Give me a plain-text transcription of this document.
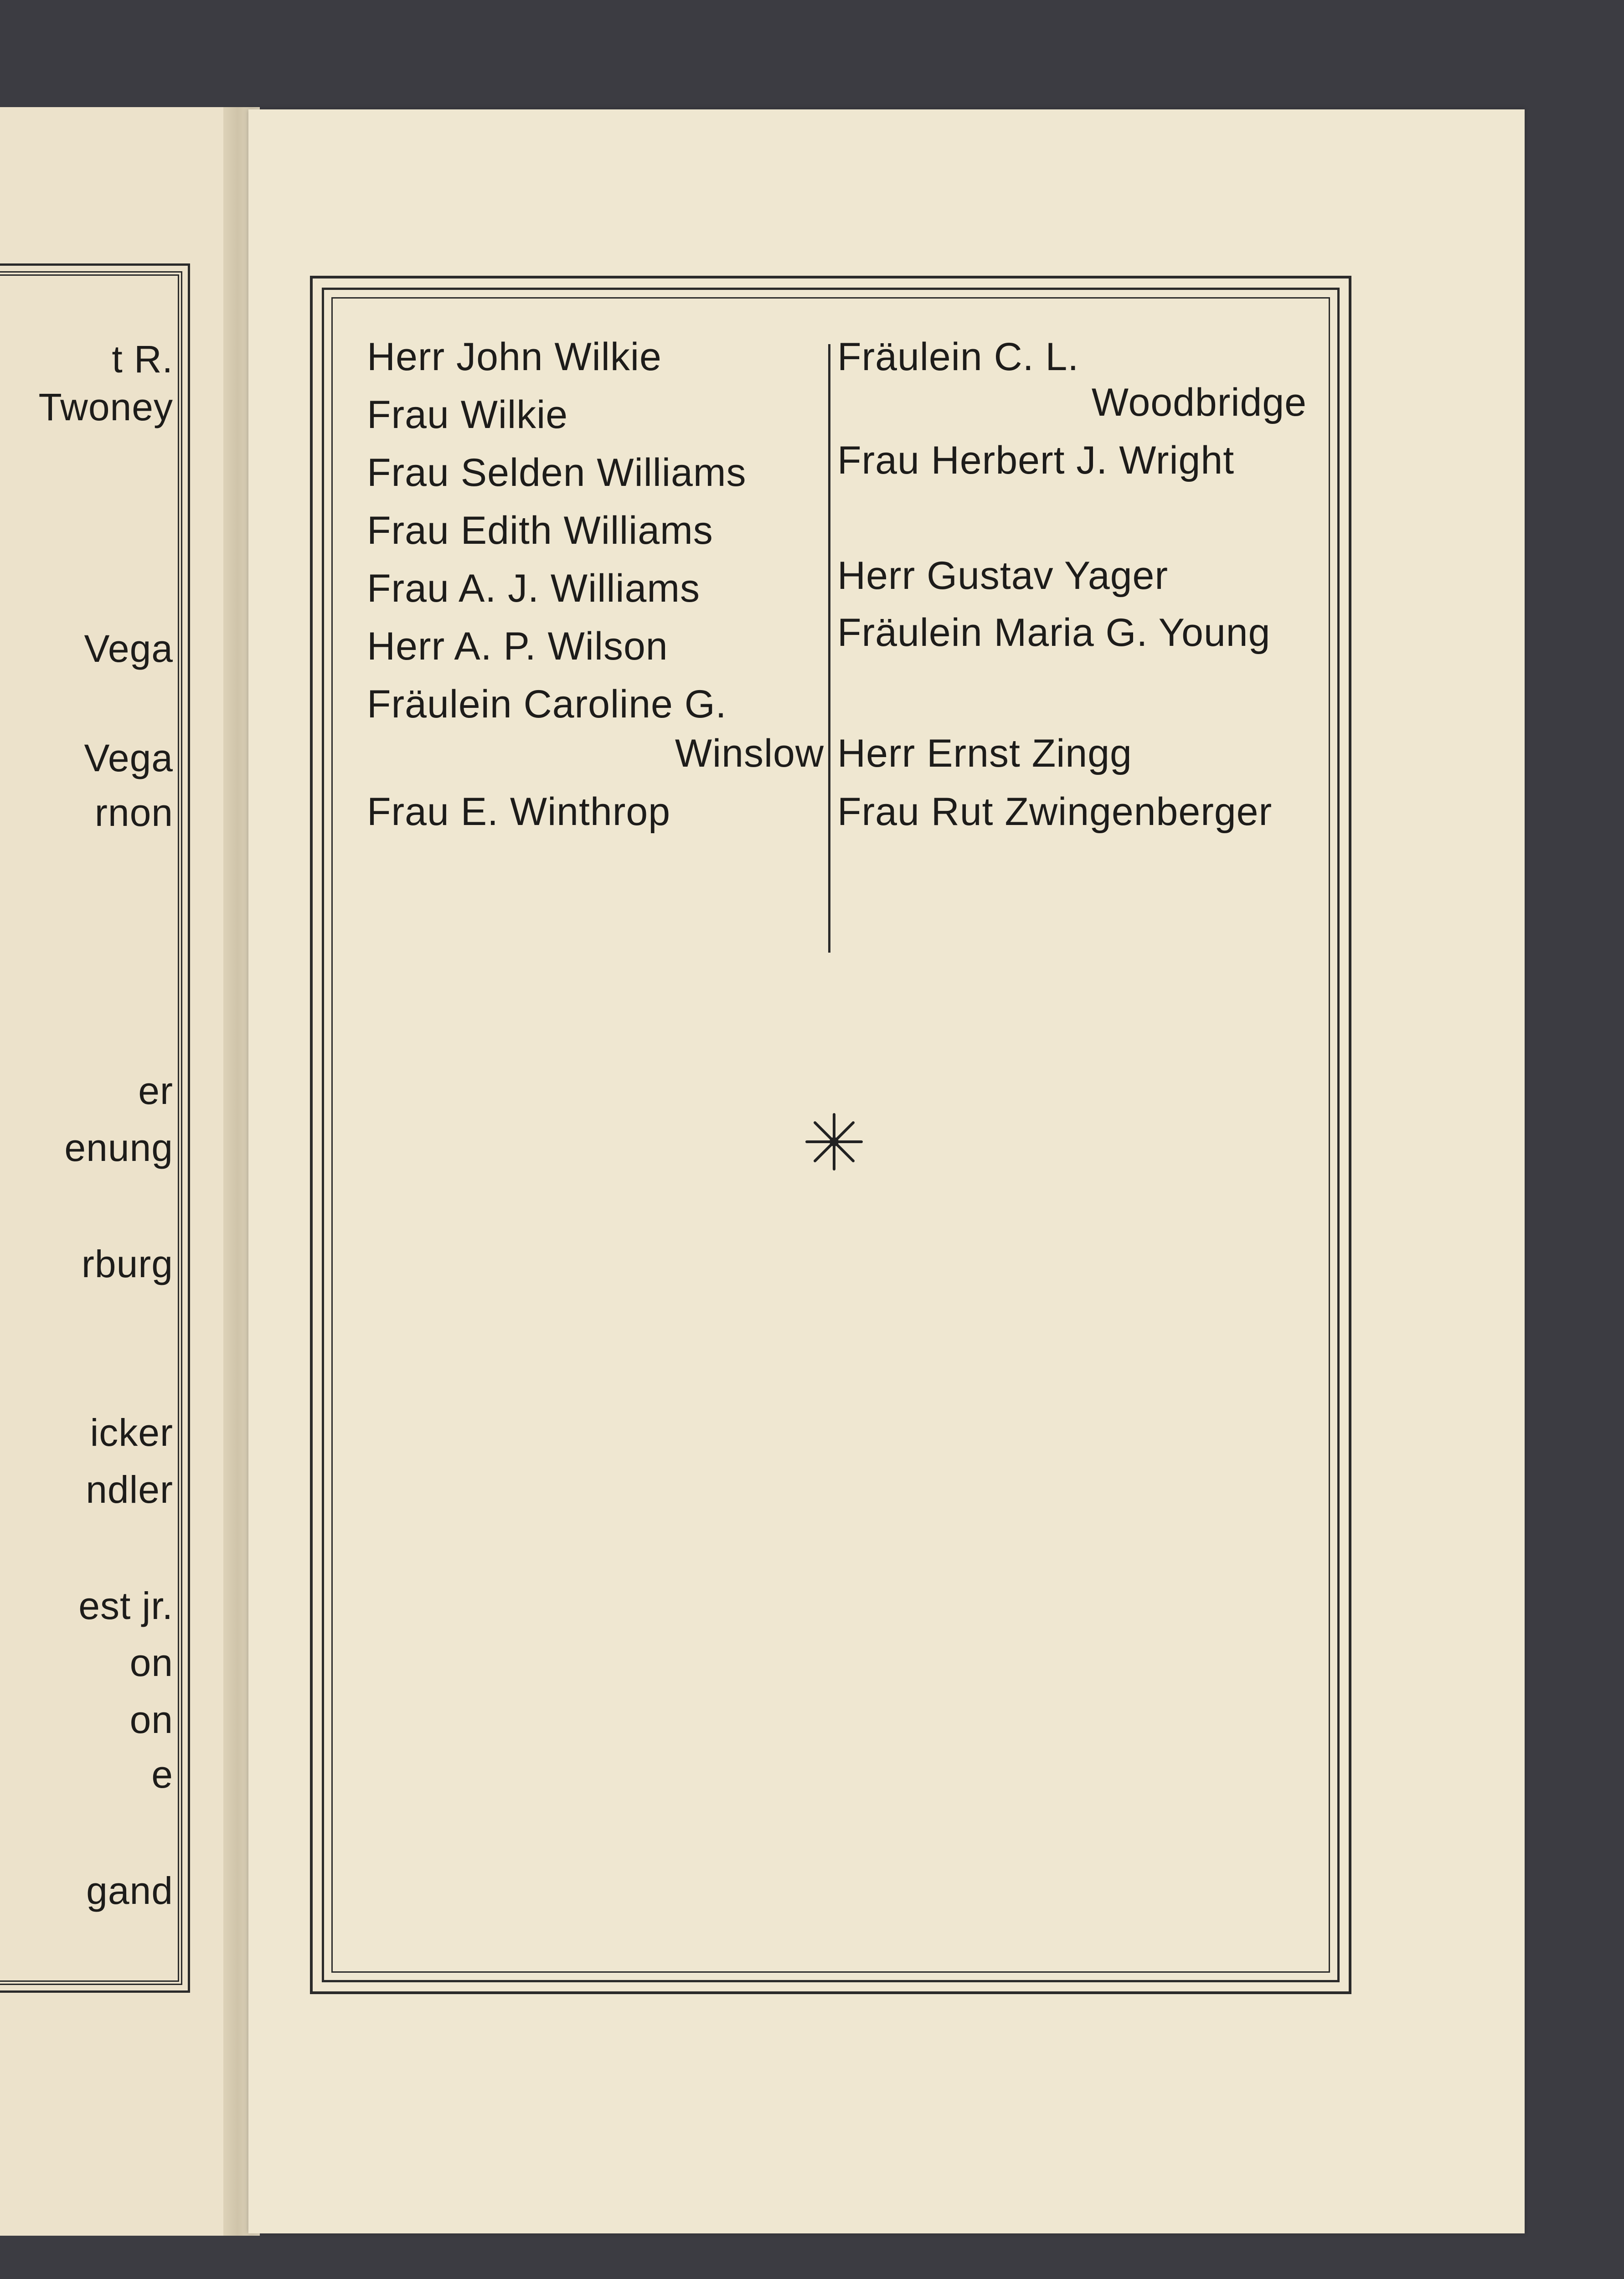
t R.
Twoney
Vega
Vega
rnon
er
enung
rburg
icker
ndler
est jr.
on
on
e
gand
Herr John Wilkie
Frau Wilkie
Frau Selden Williams
Frau Edith Williams
Frau A. J. Williams
Herr A. P. Wilson
Fräulein Caroline G.
Winslow
Frau E. Winthrop
Fräulein C. L.
Woodbridge
Frau Herbert J. Wright
Herr Gustav Yager
Fräulein Maria G. Young
Herr Ernst Zingg
Frau Rut Zwingenberger
